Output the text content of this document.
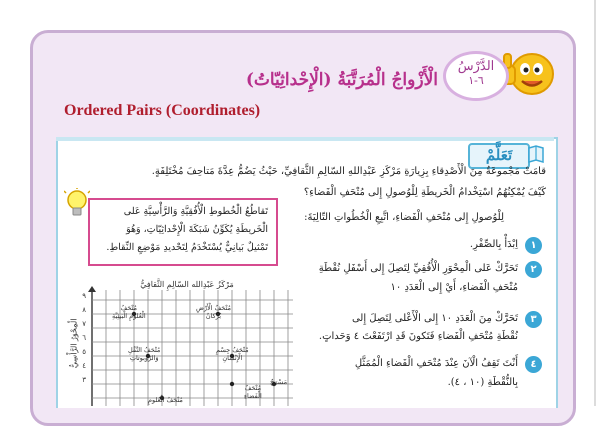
الدَّرْسُ
٦-١
الْأَزْواجُ الْمُرَتَّبَةُ (الْإِحْداثِيّاتُ)
Ordered Pairs (Coordinates)
تَعَلَّمْ
قامَتْ مَجْموعَةٌ مِنَ الْأَصْدِقاءِ بِزِيارَةِ مَرْكَزِ عَبْدِاللهِ السّالِمِ الثَّقافِيِّ، حَيْثُ يَضُمُّ عِدَّةَ مَتاحِفَ مُخْتَلِفَةٍ.
كَيْفَ يُمْكِنُهُمُ اسْتِخْدامُ الْخَريطَةِ لِلْوُصولِ إِلى مُتْحَفِ الْفَضاءِ؟
لِلْوُصولِ إِلى مُتْحَفِ الْفَضاءِ، اتَّبِعِ الْخُطُواتِ التّالِيَةَ:
١
اِبْدَأْ بِالصِّفْرِ.
٢
تَحَرَّكْ عَلى الْمِحْوَرِ الْأُفُقِيِّ لِتَصِلَ إِلى أَسْفَلِ نُقْطَةِ
مُتْحَفِ الْفَضاءِ، أَيْ إِلى الْعَدَدِ ١٠
٣
تَحَرَّكْ مِنَ الْعَدَدِ ١٠ إِلى الْأَعْلى لِتَصِلَ إِلى
نُقْطَةِ مُتْحَفِ الْفَضاءِ فَتَكونَ قَدِ ارْتَفَعْتَ ٤ وَحَداتٍ.
٤
أَنْتَ تَقِفُ الْآنَ عِنْدَ مُتْحَفِ الْفَضاءِ الْمُمَثَّلِ
بِالنُّقْطَةِ (١٠ ، ٤).
تَقاطُعُ الْخُطوطِ الْأُفُقِيَّةِ وَالرَّأْسِيَّةِ عَلى
الْخَريطَةِ يُكَوِّنُ شَبَكَةَ الْإِحْداثِيّاتِ، وَهُوَ
تَمْثيلٌ بَيانِيٌّ يُسْتَخْدَمُ لِتَحْديدِ مَوْضِعِ النِّقاطِ.
مَرْكَزُ عَبْدِالله السّالِمِ الثَّقافِيُّ
الْمِحْوَرُ الرَّأْسِيُّ
٩
٨
٧
٦
٥
٤
٣
مُتْحَفُ
الْعُلومِ الْبَيئِيَّةِ
مُتْحَفُ الْأَرْضِ
بُرْكانٌ
مُتْحَفُ النَّقْلِ
وَالرّوبوتاتِ
مُتْحَفُ جِسْمِ
الْإِنْسانِ
مَسْرَحٌ
مُتْحَفُ
الْفَضاءِ
مُتْحَفُ الْعُلومِ
